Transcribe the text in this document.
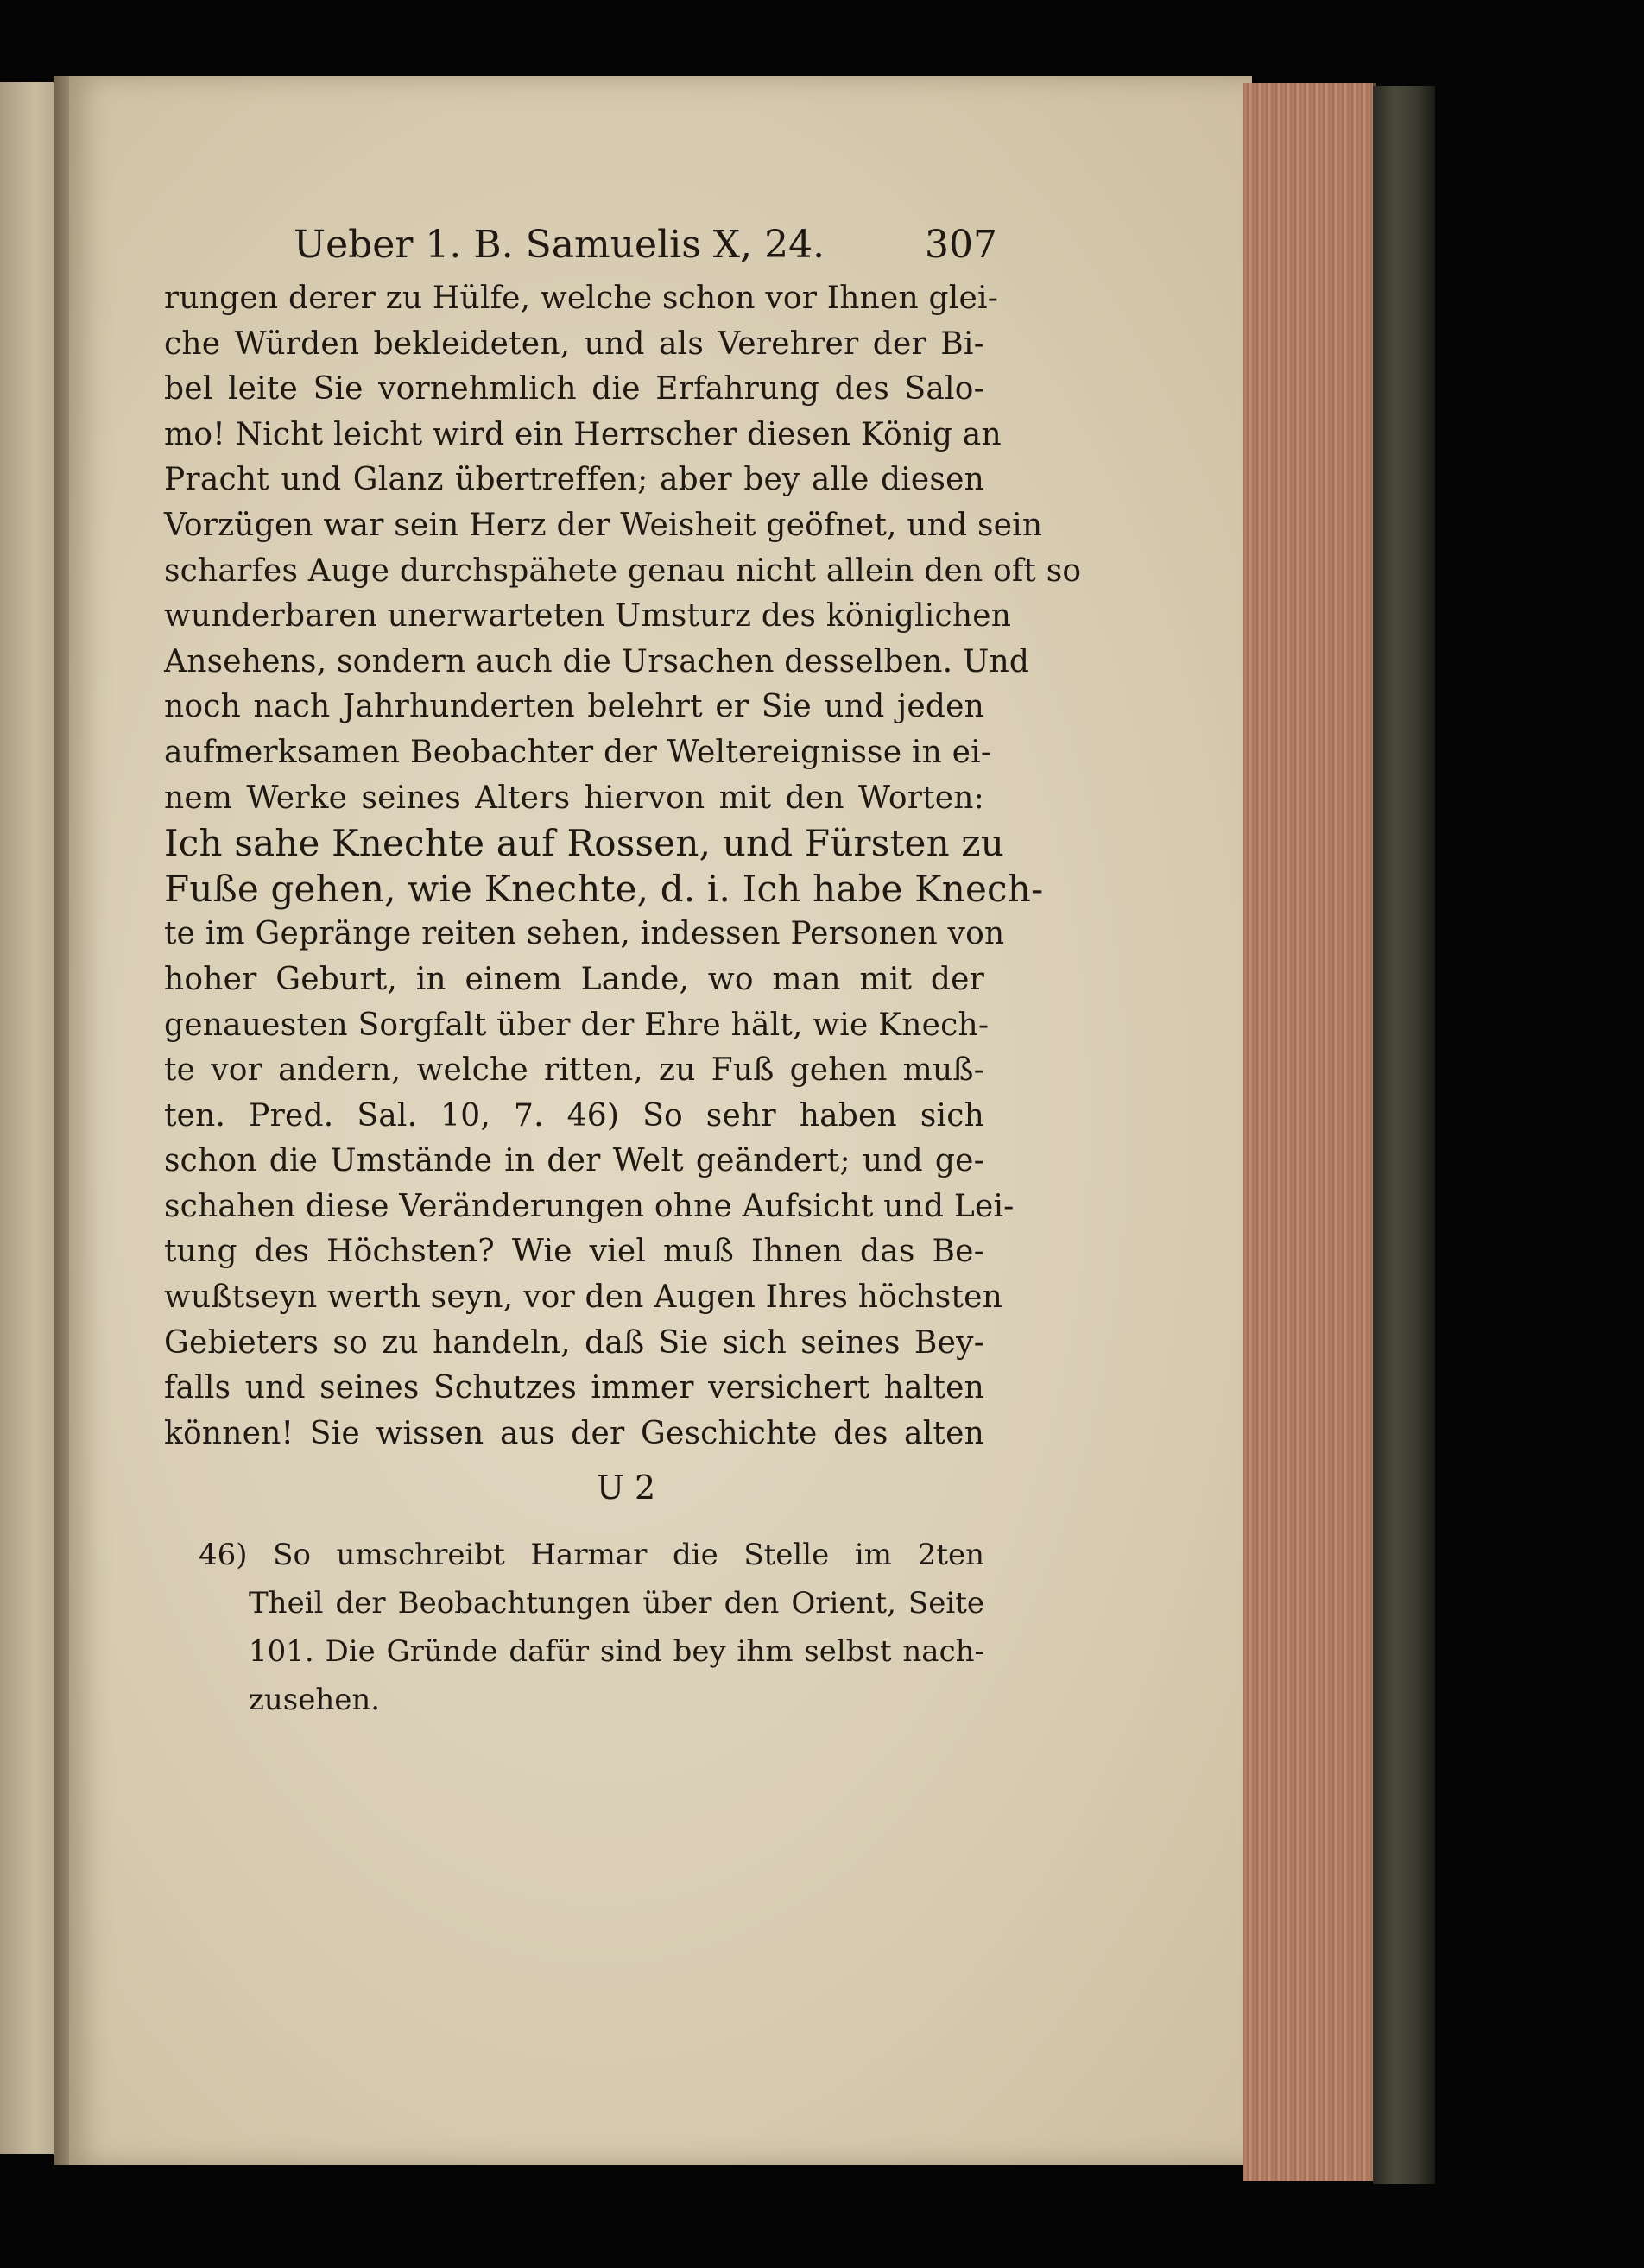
Ueber 1. B. Samuelis X, 24.	307
rungen derer zu Hülfe, welche schon vor Ihnen glei-
che Würden bekleideten, und als Verehrer der Bi-
bel leite Sie vornehmlich die Erfahrung des Salo-
mo! Nicht leicht wird ein Herrscher diesen König an
Pracht und Glanz übertreffen; aber bey alle diesen
Vorzügen war sein Herz der Weisheit geöfnet, und sein
scharfes Auge durchspähete genau nicht allein den oft so
wunderbaren unerwarteten Umsturz des königlichen
Ansehens, sondern auch die Ursachen desselben. Und
noch nach Jahrhunderten belehrt er Sie und jeden
aufmerksamen Beobachter der Weltereignisse in ei-
nem Werke seines Alters hiervon mit den Worten:
Ich sahe Knechte auf Rossen, und Fürsten zu
Fuße gehen, wie Knechte, d. i. Ich habe Knech-
te im Gepränge reiten sehen, indessen Personen von
hoher Geburt, in einem Lande, wo man mit der
genauesten Sorgfalt über der Ehre hält, wie Knech-
te vor andern, welche ritten, zu Fuß gehen muß-
ten. Pred. Sal. 10, 7. 46) So sehr haben sich
schon die Umstände in der Welt geändert; und ge-
schahen diese Veränderungen ohne Aufsicht und Lei-
tung des Höchsten? Wie viel muß Ihnen das Be-
wußtseyn werth seyn, vor den Augen Ihres höchsten
Gebieters so zu handeln, daß Sie sich seines Bey-
falls und seines Schutzes immer versichert halten
können! Sie wissen aus der Geschichte des alten
U 2
46) So umschreibt Harmar die Stelle im 2ten
Theil der Beobachtungen über den Orient, Seite
101. Die Gründe dafür sind bey ihm selbst nach-
zusehen.
